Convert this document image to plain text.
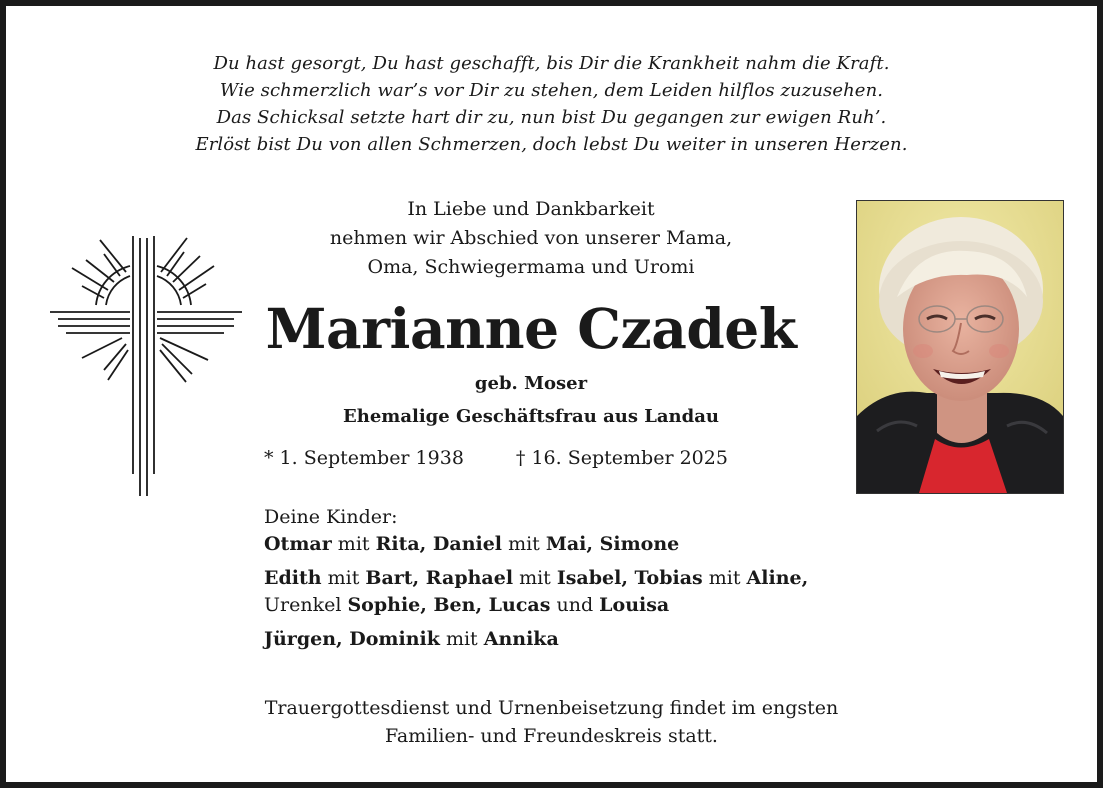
Du hast gesorgt, Du hast geschafft, bis Dir die Krankheit nahm die Kraft.
Wie schmerzlich war’s vor Dir zu stehen, dem Leiden hilflos zuzusehen.
Das Schicksal setzte hart dir zu, nun bist Du gegangen zur ewigen Ruh’.
Erlöst bist Du von allen Schmerzen, doch lebst Du weiter in unseren Herzen.
In Liebe und Dankbarkeit
nehmen wir Abschied von unserer Mama,
Oma, Schwiegermama und Uromi
Marianne Czadek
geb. Moser
Ehemalige Geschäftsfrau aus Landau
* 1. September 1938	† 16. September 2025
Deine Kinder:
Otmar mit Rita, Daniel mit Mai, Simone
Edith mit Bart, Raphael mit Isabel, Tobias mit Aline,
Urenkel Sophie, Ben, Lucas und Louisa
Jürgen, Dominik mit Annika
Trauergottesdienst und Urnenbeisetzung findet im engsten
Familien- und Freundeskreis statt.
